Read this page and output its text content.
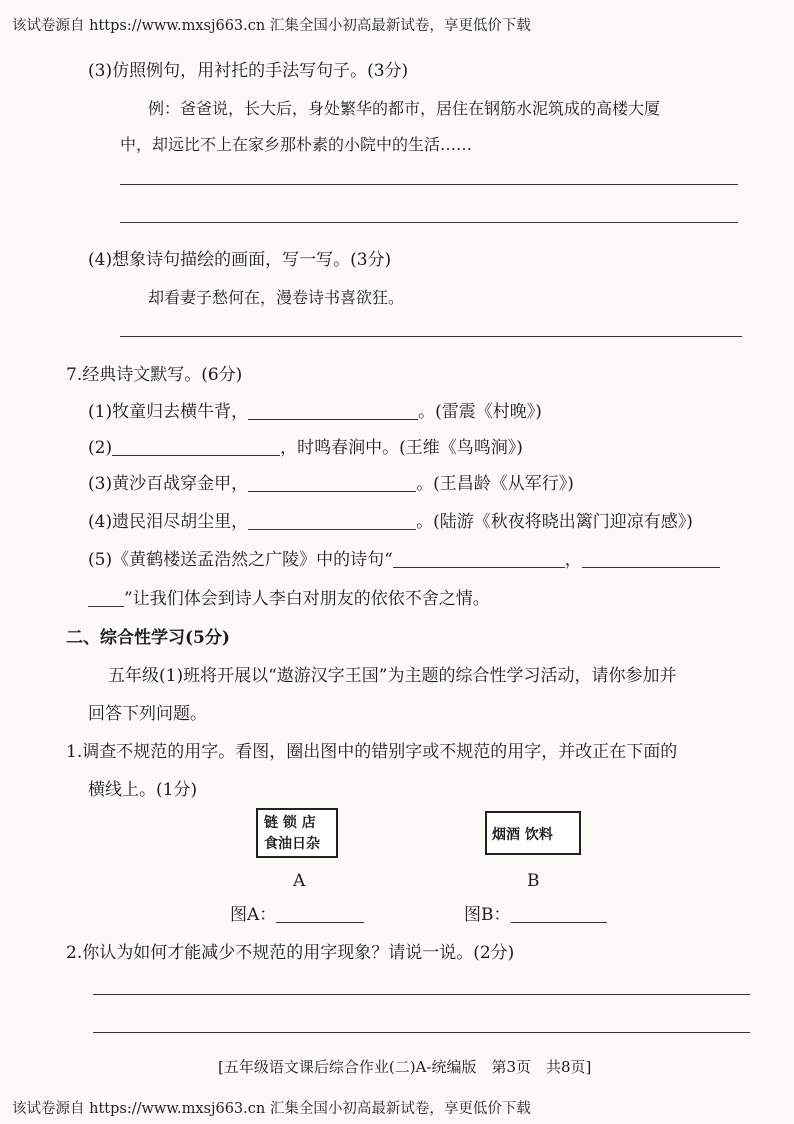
该试卷源自 https://www.mxsj663.cn 汇集全国小初高最新试卷，享更低价下载
(3)仿照例句，用衬托的手法写句子。(3分)
例：爸爸说，长大后，身处繁华的都市，居住在钢筋水泥筑成的高楼大厦
中，却远比不上在家乡那朴素的小院中的生活……
(4)想象诗句描绘的画面，写一写。(3分)
却看妻子愁何在，漫卷诗书喜欲狂。
7.经典诗文默写。(6分)
(1)牧童归去横牛背，	。(雷震《村晚》)
(2)	，时鸣春涧中。(王维《鸟鸣涧》)
(3)黄沙百战穿金甲，	。(王昌龄《从军行》)
(4)遗民泪尽胡尘里，	。(陆游《秋夜将晓出篱门迎凉有感》)
(5)《黄鹤楼送孟浩然之广陵》中的诗句“	，
”让我们体会到诗人李白对朋友的依依不舍之情。
二、综合性学习(5分)
五年级(1)班将开展以“遨游汉字王国”为主题的综合性学习活动，请你参加并
回答下列问题。
1.调查不规范的用字。看图，圈出图中的错别字或不规范的用字，并改正在下面的
横线上。(1分)
链 锁 店
食油日杂
A
烟酒 饮料
B
图A：	图B：
2.你认为如何才能减少不规范的用字现象？请说一说。(2分)
[五年级语文课后综合作业(二)A-统编版　第3页　共8页]
该试卷源自 https://www.mxsj663.cn 汇集全国小初高最新试卷，享更低价下载
